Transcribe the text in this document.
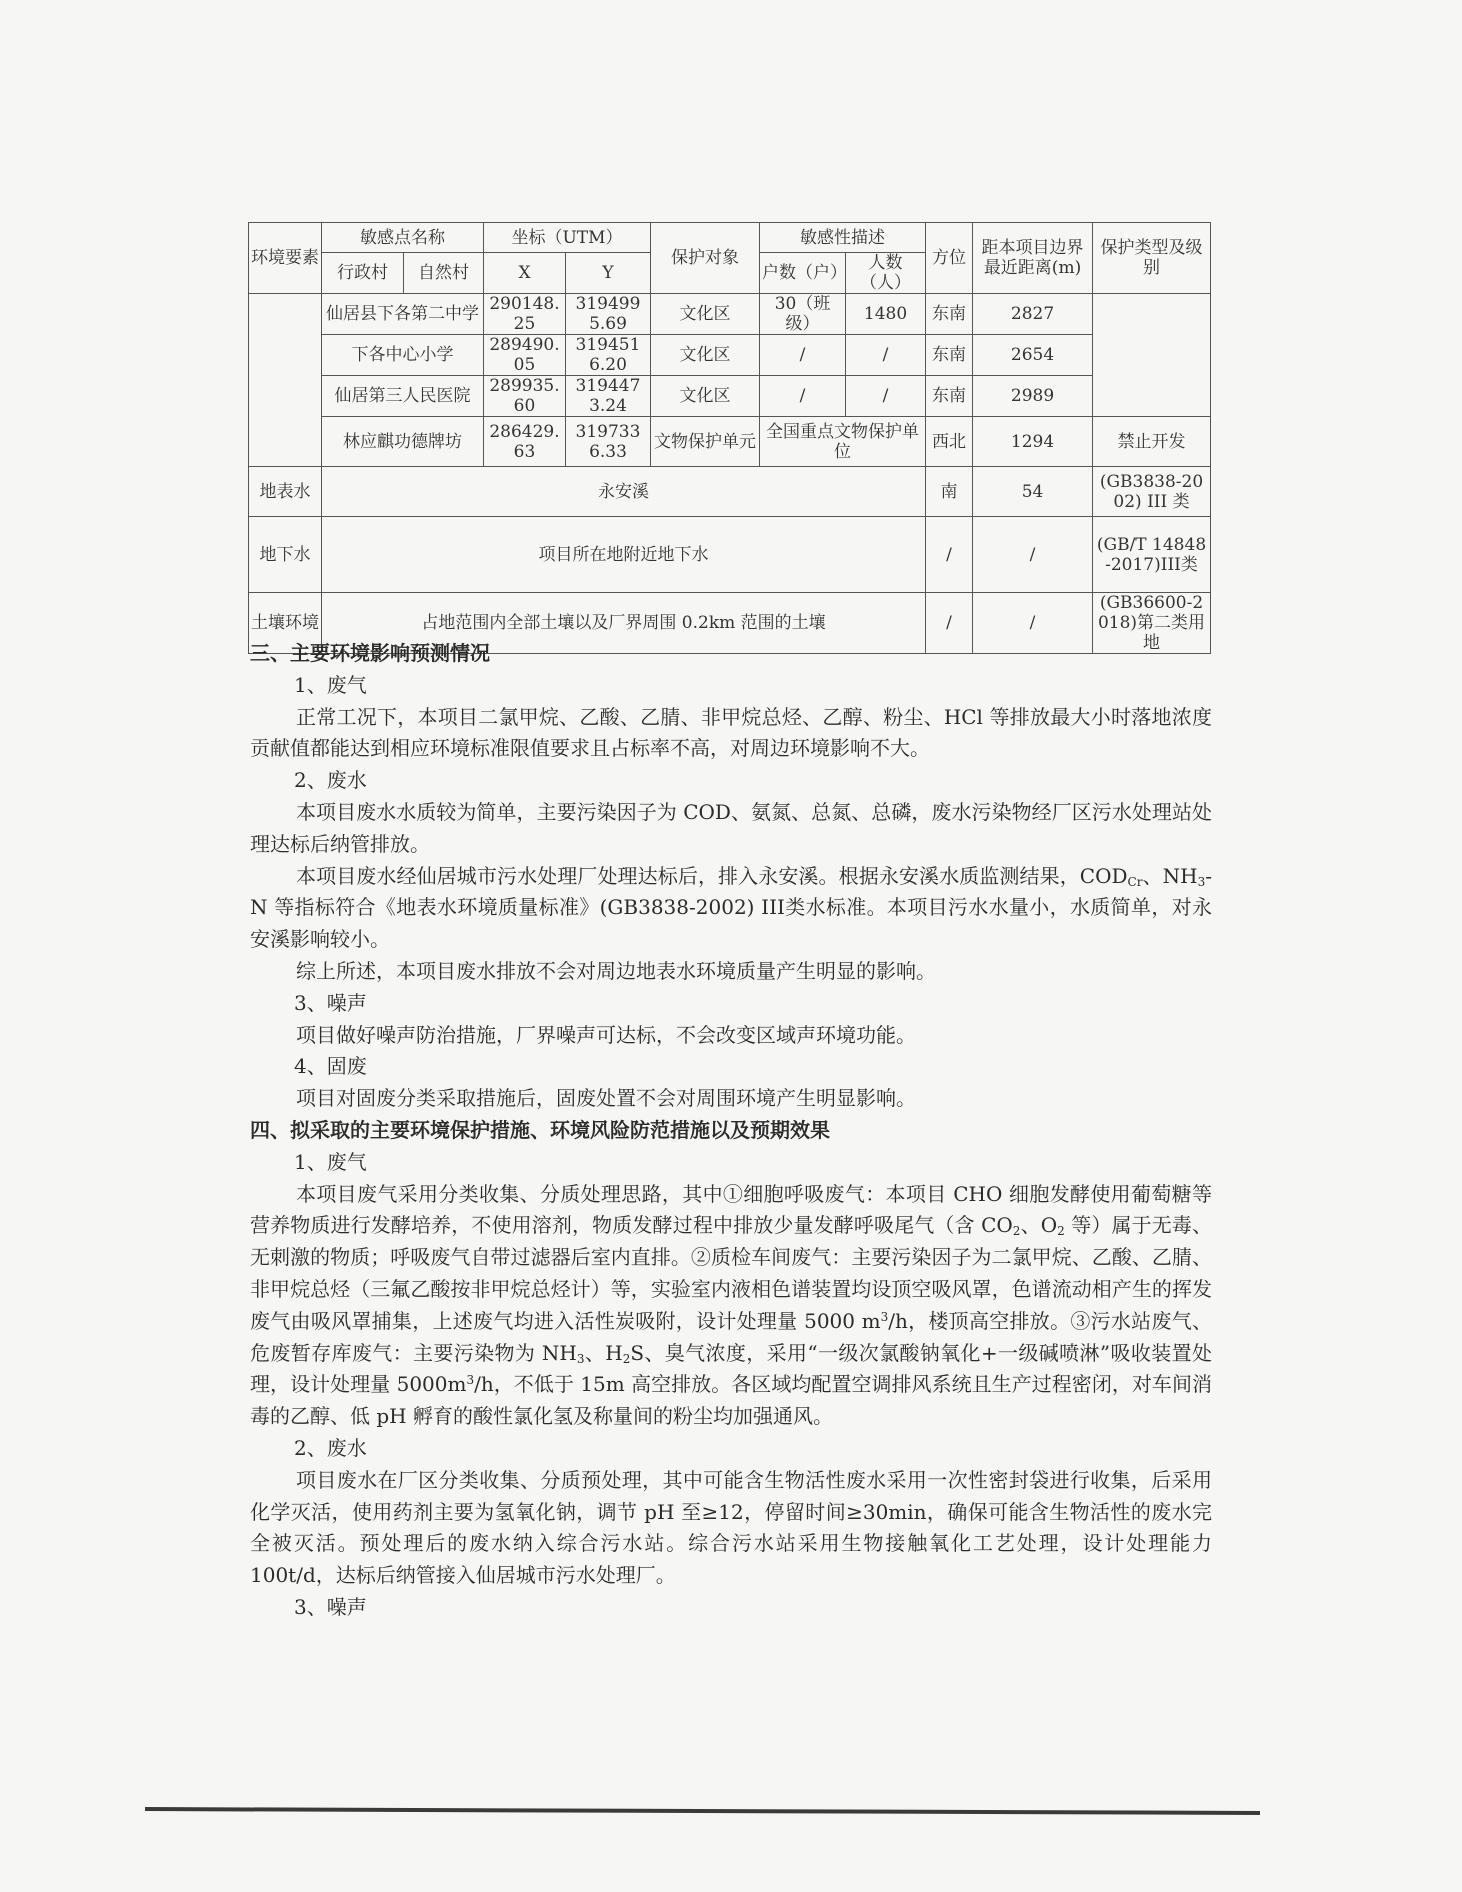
环境要素	敏感点名称		坐标（UTM）		保护对象	敏感性描述		方位	距本项目边界最近距离(m)	保护类型及级别
	行政村	自然村	X	Y		户数（户）	人数（人）			
	仙居县下各第二中学		290148.25	3194995.69	文化区	30（班级）	1480	东南	2827	
	下各中心小学		289490.05	3194516.20	文化区	/	/	东南	2654	
	仙居第三人民医院		289935.60	3194473.24	文化区	/	/	东南	2989	
	林应麒功德牌坊		286429.63	3197336.33	文物保护单元	全国重点文物保护单位		西北	1294	禁止开发
地表水	永安溪							南	54	(GB3838-2002) III 类
地下水	项目所在地附近地下水							/	/	(GB/T 14848-2017)III类
土壤环境	占地范围内全部土壤以及厂界周围 0.2km 范围的土壤							/	/	(GB36600-2018)第二类用地

三、主要环境影响预测情况

1、废气

正常工况下，本项目二氯甲烷、乙酸、乙腈、非甲烷总烃、乙醇、粉尘、HCl 等排放最大小时落地浓度贡献值都能达到相应环境标准限值要求且占标率不高，对周边环境影响不大。

2、废水

本项目废水水质较为简单，主要污染因子为 COD、氨氮、总氮、总磷，废水污染物经厂区污水处理站处理达标后纳管排放。

本项目废水经仙居城市污水处理厂处理达标后，排入永安溪。根据永安溪水质监测结果，$COD_{Cr}$、$NH_3-N$ 等指标符合《地表水环境质量标准》(GB3838-2002) III类水标准。本项目污水水量小，水质简单，对永安溪影响较小。

综上所述，本项目废水排放不会对周边地表水环境质量产生明显的影响。

3、噪声

项目做好噪声防治措施，厂界噪声可达标，不会改变区域声环境功能。

4、固废

项目对固废分类采取措施后，固废处置不会对周围环境产生明显影响。

四、拟采取的主要环境保护措施、环境风险防范措施以及预期效果

1、废气

本项目废气采用分类收集、分质处理思路，其中①细胞呼吸废气：本项目 CHO 细胞发酵使用葡萄糖等营养物质进行发酵培养，不使用溶剂，物质发酵过程中排放少量发酵呼吸尾气（含 $CO_2$、$O_2$ 等）属于无毒、无刺激的物质；呼吸废气自带过滤器后室内直排。②质检车间废气：主要污染因子为二氯甲烷、乙酸、乙腈、非甲烷总烃（三氟乙酸按非甲烷总烃计）等，实验室内液相色谱装置均设顶空吸风罩，色谱流动相产生的挥发废气由吸风罩捕集，上述废气均进入活性炭吸附，设计处理量 5000 $m^3/h$，楼顶高空排放。③污水站废气、危废暂存库废气：主要污染物为 $NH_3$、$H_2S$、臭气浓度，采用“一级次氯酸钠氧化+一级碱喷淋”吸收装置处理，设计处理量 $5000m^3/h$，不低于 15m 高空排放。各区域均配置空调排风系统且生产过程密闭，对车间消毒的乙醇、低 pH 孵育的酸性氯化氢及称量间的粉尘均加强通风。

2、废水

项目废水在厂区分类收集、分质预处理，其中可能含生物活性废水采用一次性密封袋进行收集，后采用化学灭活，使用药剂主要为氢氧化钠，调节 pH 至≥12，停留时间≥30min，确保可能含生物活性的废水完全被灭活。预处理后的废水纳入综合污水站。综合污水站采用生物接触氧化工艺处理，设计处理能力 100t/d，达标后纳管接入仙居城市污水处理厂。

3、噪声
